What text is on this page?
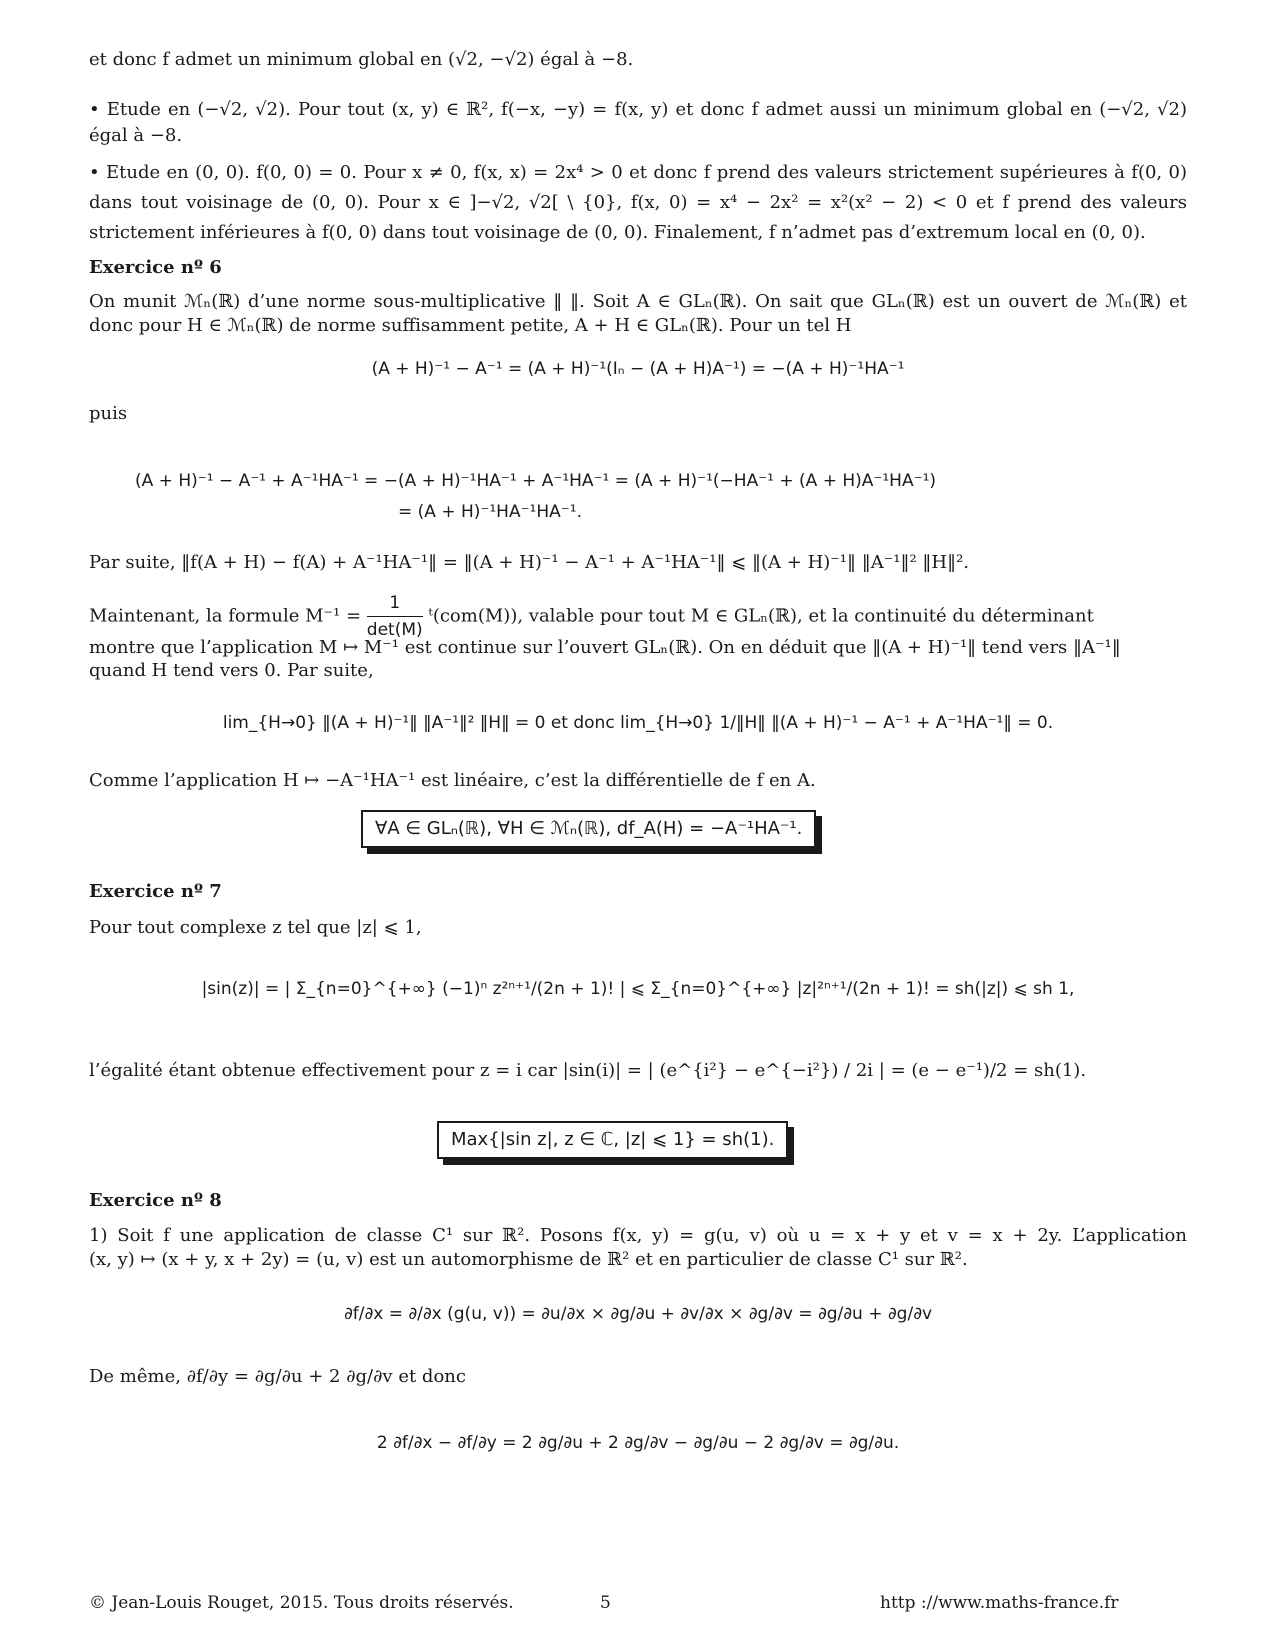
et donc f admet un minimum global en (√2, −√2) égal à −8.
• Etude en (−√2, √2). Pour tout (x, y) ∈ ℝ², f(−x, −y) = f(x, y) et donc f admet aussi un minimum global en (−√2, √2)
égal à −8.
• Etude en (0, 0). f(0, 0) = 0. Pour x ≠ 0, f(x, x) = 2x⁴ > 0 et donc f prend des valeurs strictement supérieures à f(0, 0)
dans tout voisinage de (0, 0). Pour x ∈ ]−√2, √2[ \ {0}, f(x, 0) = x⁴ − 2x² = x²(x² − 2) < 0 et f prend des valeurs
strictement inférieures à f(0, 0) dans tout voisinage de (0, 0). Finalement, f n’admet pas d’extremum local en (0, 0).
Exercice nº 6
On munit ℳₙ(ℝ) d’une norme sous-multiplicative ‖ ‖. Soit A ∈ GLₙ(ℝ). On sait que GLₙ(ℝ) est un ouvert de ℳₙ(ℝ) et
donc pour H ∈ ℳₙ(ℝ) de norme suffisamment petite, A + H ∈ GLₙ(ℝ). Pour un tel H
(A + H)⁻¹ − A⁻¹ = (A + H)⁻¹(Iₙ − (A + H)A⁻¹) = −(A + H)⁻¹HA⁻¹
puis
(A + H)⁻¹ − A⁻¹ + A⁻¹HA⁻¹ = −(A + H)⁻¹HA⁻¹ + A⁻¹HA⁻¹ = (A + H)⁻¹(−HA⁻¹ + (A + H)A⁻¹HA⁻¹)
= (A + H)⁻¹HA⁻¹HA⁻¹.
Par suite, ‖f(A + H) − f(A) + A⁻¹HA⁻¹‖ = ‖(A + H)⁻¹ − A⁻¹ + A⁻¹HA⁻¹‖ ⩽ ‖(A + H)⁻¹‖ ‖A⁻¹‖² ‖H‖².
Maintenant, la formule $M^{-1} = \frac{1}{\det(M)}$ ᵗ(com(M)), valable pour tout M ∈ GLₙ(ℝ), et la continuité du déterminant
montre que l’application M ↦ M⁻¹ est continue sur l’ouvert GLₙ(ℝ). On en déduit que ‖(A + H)⁻¹‖ tend vers ‖A⁻¹‖
quand H tend vers 0. Par suite,
lim_{H→0} ‖(A + H)⁻¹‖ ‖A⁻¹‖² ‖H‖ = 0 et donc lim_{H→0} 1/‖H‖ ‖(A + H)⁻¹ − A⁻¹ + A⁻¹HA⁻¹‖ = 0.
Comme l’application H ↦ −A⁻¹HA⁻¹ est linéaire, c’est la différentielle de f en A.
∀A ∈ GLₙ(ℝ), ∀H ∈ ℳₙ(ℝ), df_A(H) = −A⁻¹HA⁻¹.
Exercice nº 7
Pour tout complexe z tel que |z| ⩽ 1,
|sin(z)| = | Σ_{n=0}^{+∞} (−1)ⁿ z²ⁿ⁺¹/(2n + 1)! | ⩽ Σ_{n=0}^{+∞} |z|²ⁿ⁺¹/(2n + 1)! = sh(|z|) ⩽ sh 1,
l’égalité étant obtenue effectivement pour z = i car |sin(i)| = | (e^{i²} − e^{−i²}) / 2i | = (e − e⁻¹)/2 = sh(1).
Max{|sin z|, z ∈ ℂ, |z| ⩽ 1} = sh(1).
Exercice nº 8
1) Soit f une application de classe C¹ sur ℝ². Posons f(x, y) = g(u, v) où u = x + y et v = x + 2y. L’application
(x, y) ↦ (x + y, x + 2y) = (u, v) est un automorphisme de ℝ² et en particulier de classe C¹ sur ℝ².
∂f/∂x = ∂/∂x (g(u, v)) = ∂u/∂x × ∂g/∂u + ∂v/∂x × ∂g/∂v = ∂g/∂u + ∂g/∂v
De même, ∂f/∂y = ∂g/∂u + 2 ∂g/∂v et donc
2 ∂f/∂x − ∂f/∂y = 2 ∂g/∂u + 2 ∂g/∂v − ∂g/∂u − 2 ∂g/∂v = ∂g/∂u.
© Jean-Louis Rouget, 2015. Tous droits réservés.	5	http ://www.maths-france.fr
